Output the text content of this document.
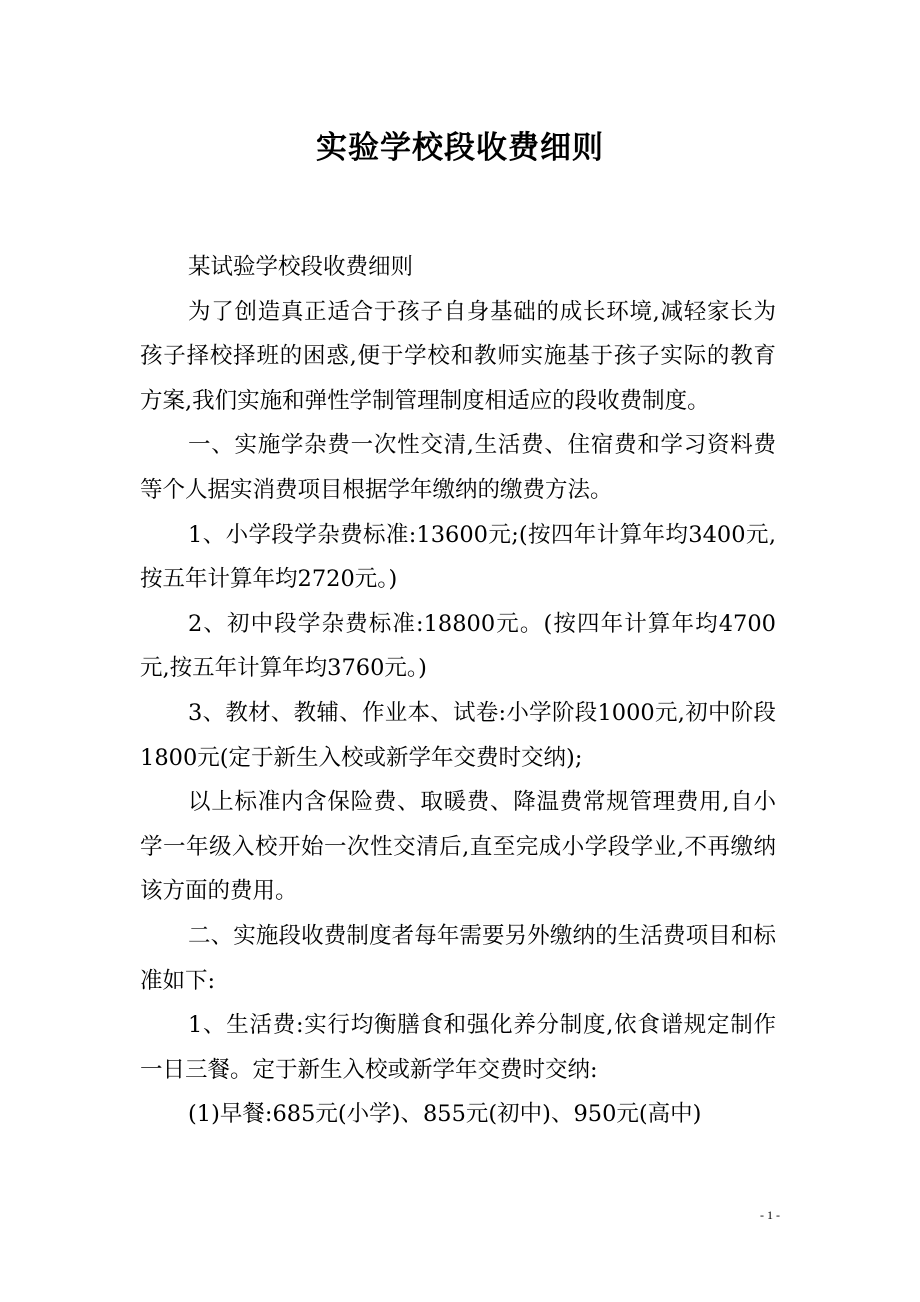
实验学校段收费细则

某试验学校段收费细则

为了创造真正适合于孩子自身基础的成长环境,减轻家长为孩子择校择班的困惑,便于学校和教师实施基于孩子实际的教育方案,我们实施和弹性学制管理制度相适应的段收费制度。

一、实施学杂费一次性交清,生活费、住宿费和学习资料费等个人据实消费项目根据学年缴纳的缴费方法。

1、小学段学杂费标准:13600元;(按四年计算年均3400元,按五年计算年均2720元。)

2、初中段学杂费标准:18800元。(按四年计算年均4700元,按五年计算年均3760元。)

3、教材、教辅、作业本、试卷:小学阶段1000元,初中阶段1800元(定于新生入校或新学年交费时交纳);

以上标准内含保险费、取暖费、降温费常规管理费用,自小学一年级入校开始一次性交清后,直至完成小学段学业,不再缴纳该方面的费用。

二、实施段收费制度者每年需要另外缴纳的生活费项目和标准如下:

1、生活费:实行均衡膳食和强化养分制度,依食谱规定制作一日三餐。定于新生入校或新学年交费时交纳:

(1)早餐:685元(小学)、855元(初中)、950元(高中)

- 1 -
